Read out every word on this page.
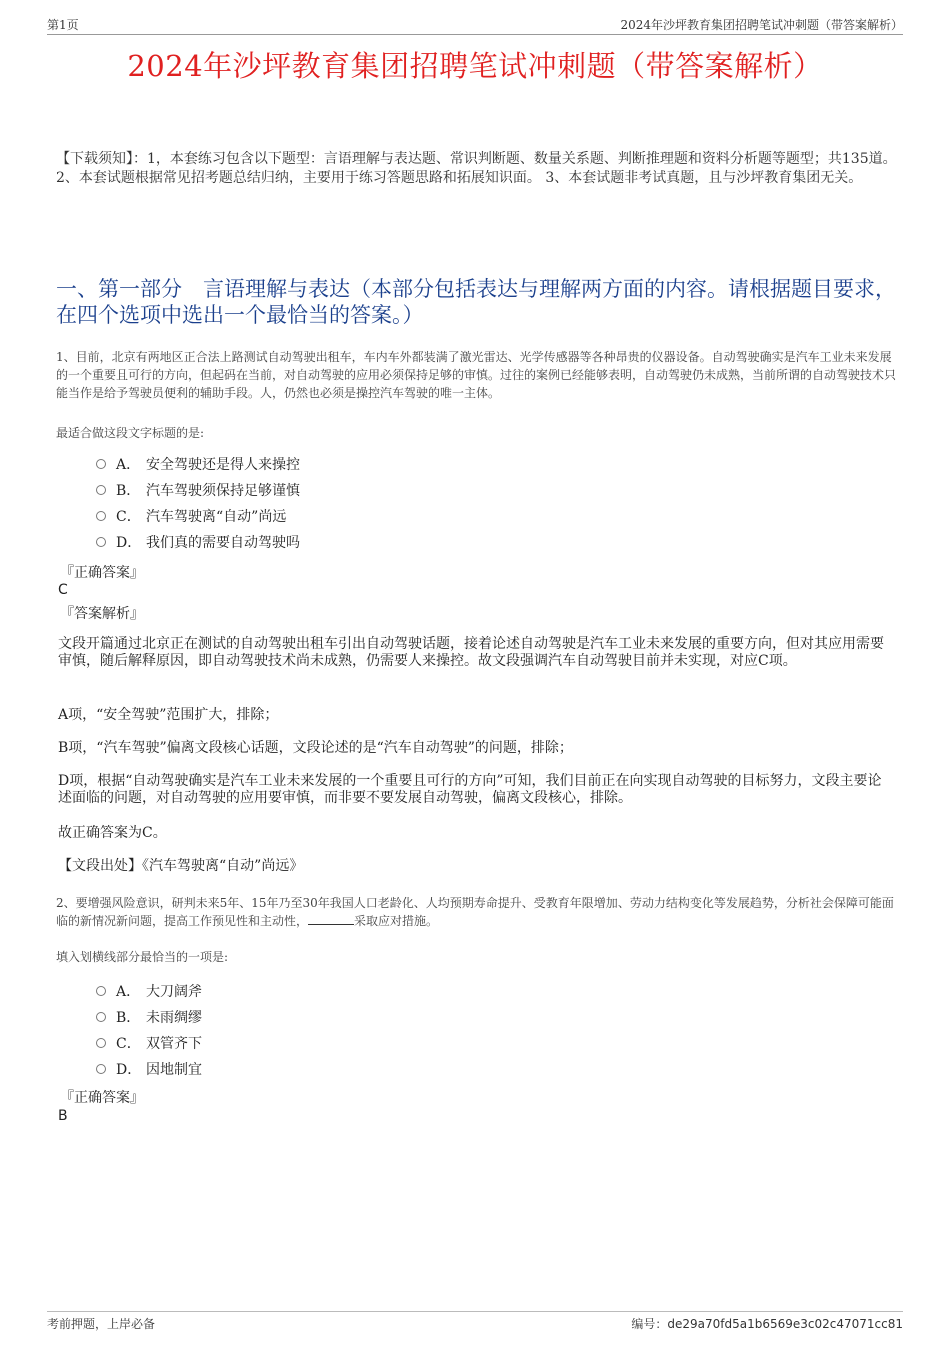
第1页	2024年沙坪教育集团招聘笔试冲刺题（带答案解析）
2024年沙坪教育集团招聘笔试冲刺题（带答案解析）
【下载须知】：1，本套练习包含以下题型：言语理解与表达题、常识判断题、数量关系题、判断推理题和资料分析题等题型；共135道。 2、本套试题根据常见招考题总结归纳，主要用于练习答题思路和拓展知识面。 3、本套试题非考试真题，且与沙坪教育集团无关。
一、第一部分　言语理解与表达（本部分包括表达与理解两方面的内容。请根据题目要求，在四个选项中选出一个最恰当的答案。）
1、目前，北京有两地区正合法上路测试自动驾驶出租车，车内车外都装满了激光雷达、光学传感器等各种昂贵的仪器设备。自动驾驶确实是汽车工业未来发展的一个重要且可行的方向，但起码在当前，对自动驾驶的应用必须保持足够的审慎。过往的案例已经能够表明，自动驾驶仍未成熟，当前所谓的自动驾驶技术只能当作是给予驾驶员便利的辅助手段。人，仍然也必须是操控汽车驾驶的唯一主体。
最适合做这段文字标题的是:
A． 安全驾驶还是得人来操控
B． 汽车驾驶须保持足够谨慎
C． 汽车驾驶离“自动”尚远
D． 我们真的需要自动驾驶吗
『正确答案』
C
『答案解析』
文段开篇通过北京正在测试的自动驾驶出租车引出自动驾驶话题，接着论述自动驾驶是汽车工业未来发展的重要方向，但对其应用需要审慎，随后解释原因，即自动驾驶技术尚未成熟，仍需要人来操控。故文段强调汽车自动驾驶目前并未实现，对应C项。
A项，“安全驾驶”范围扩大，排除；
B项，“汽车驾驶”偏离文段核心话题，文段论述的是“汽车自动驾驶”的问题，排除；
D项，根据“自动驾驶确实是汽车工业未来发展的一个重要且可行的方向”可知，我们目前正在向实现自动驾驶的目标努力，文段主要论述面临的问题，对自动驾驶的应用要审慎，而非要不要发展自动驾驶，偏离文段核心，排除。
故正确答案为C。
【文段出处】《汽车驾驶离“自动”尚远》
2、要增强风险意识，研判未来5年、15年乃至30年我国人口老龄化、人均预期寿命提升、受教育年限增加、劳动力结构变化等发展趋势，分析社会保障可能面临的新情况新问题，提高工作预见性和主动性，	采取应对措施。
填入划横线部分最恰当的一项是:
A． 大刀阔斧
B． 未雨绸缪
C． 双管齐下
D． 因地制宜
『正确答案』
B
考前押题，上岸必备	编号：de29a70fd5a1b6569e3c02c47071cc81
